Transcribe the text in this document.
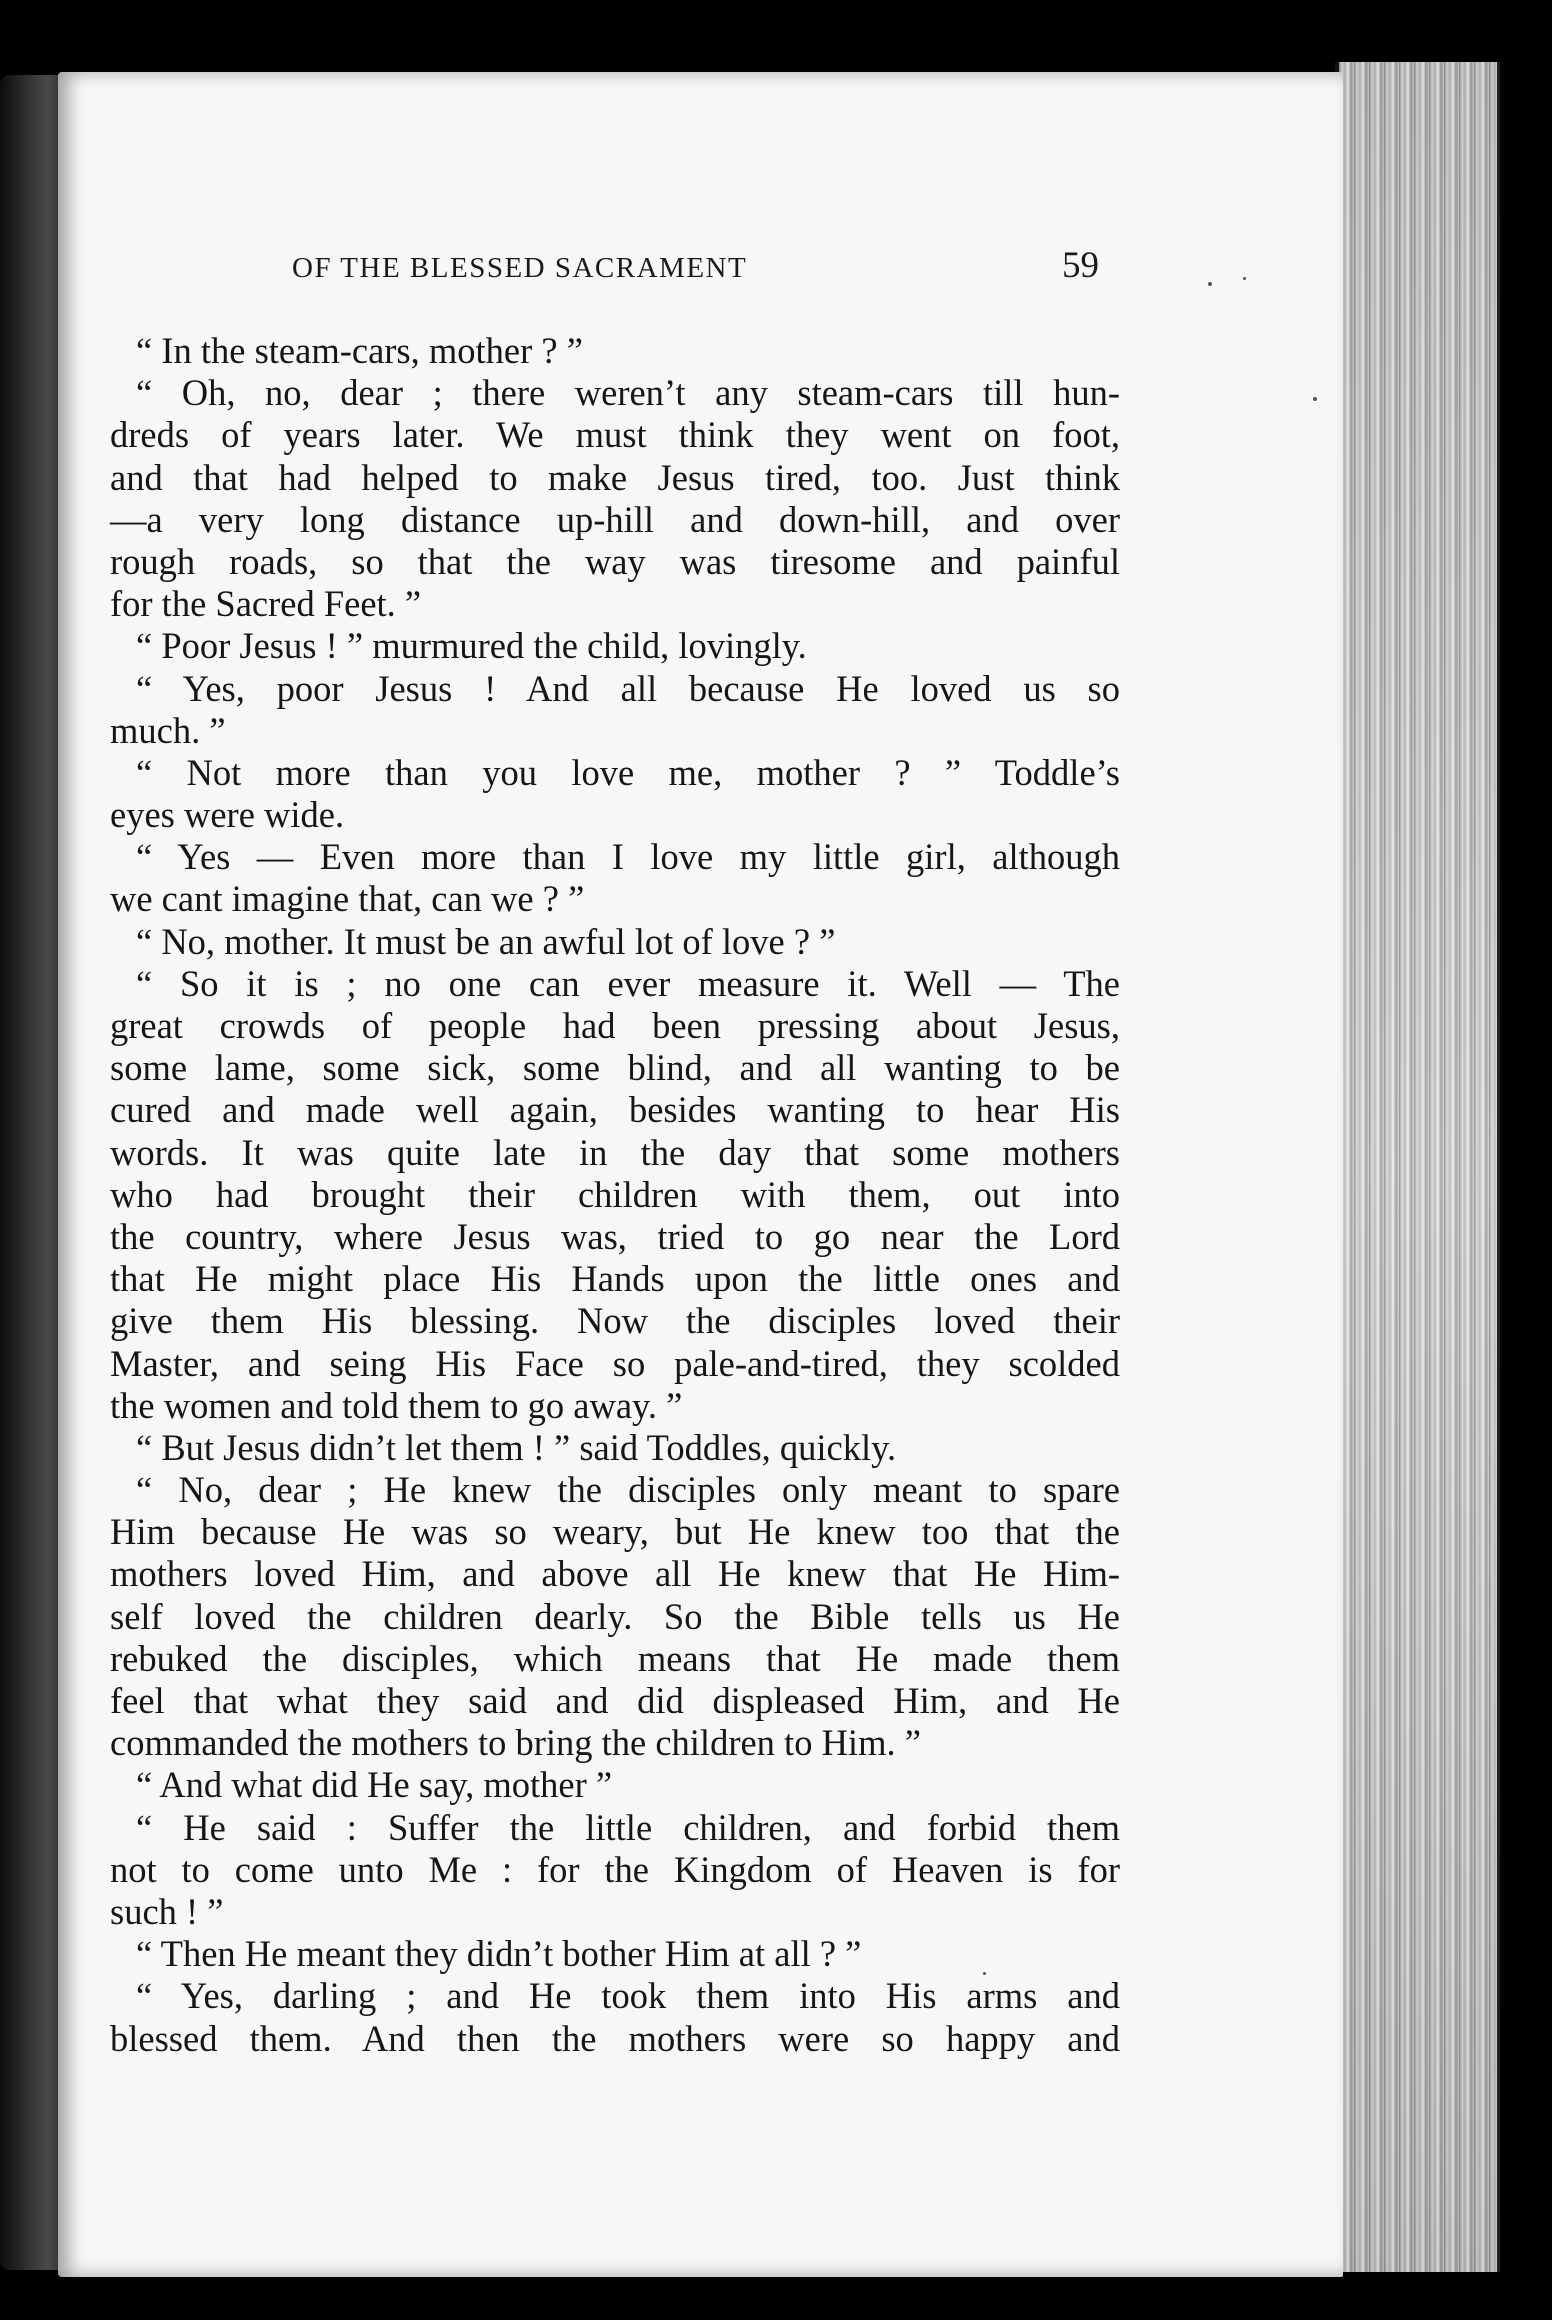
OF THE BLESSED SACRAMENT	59
“ In the steam-cars, mother ? ”
“ Oh, no, dear ; there weren’t any steam-cars till hun-
dreds of years later. We must think they went on foot,
and that had helped to make Jesus tired, too. Just think
—a very long distance up-hill and down-hill, and over
rough roads, so that the way was tiresome and painful
for the Sacred Feet. ”
“ Poor Jesus ! ” murmured the child, lovingly.
“ Yes, poor Jesus ! And all because He loved us so
much. ”
“ Not more than you love me, mother ? ” Toddle’s
eyes were wide.
“ Yes — Even more than I love my little girl, although
we cant imagine that, can we ? ”
“ No, mother. It must be an awful lot of love ? ”
“ So it is ; no one can ever measure it. Well — The
great crowds of people had been pressing about Jesus,
some lame, some sick, some blind, and all wanting to be
cured and made well again, besides wanting to hear His
words. It was quite late in the day that some mothers
who had brought their children with them, out into
the country, where Jesus was, tried to go near the Lord
that He might place His Hands upon the little ones and
give them His blessing. Now the disciples loved their
Master, and seing His Face so pale-and-tired, they scolded
the women and told them to go away. ”
“ But Jesus didn’t let them ! ” said Toddles, quickly.
“ No, dear ; He knew the disciples only meant to spare
Him because He was so weary, but He knew too that the
mothers loved Him, and above all He knew that He Him-
self loved the children dearly. So the Bible tells us He
rebuked the disciples, which means that He made them
feel that what they said and did displeased Him, and He
commanded the mothers to bring the children to Him. ”
“ And what did He say, mother ”
“ He said : Suffer the little children, and forbid them
not to come unto Me : for the Kingdom of Heaven is for
such ! ”
“ Then He meant they didn’t bother Him at all ? ”
“ Yes, darling ; and He took them into His arms and
blessed them. And then the mothers were so happy and
